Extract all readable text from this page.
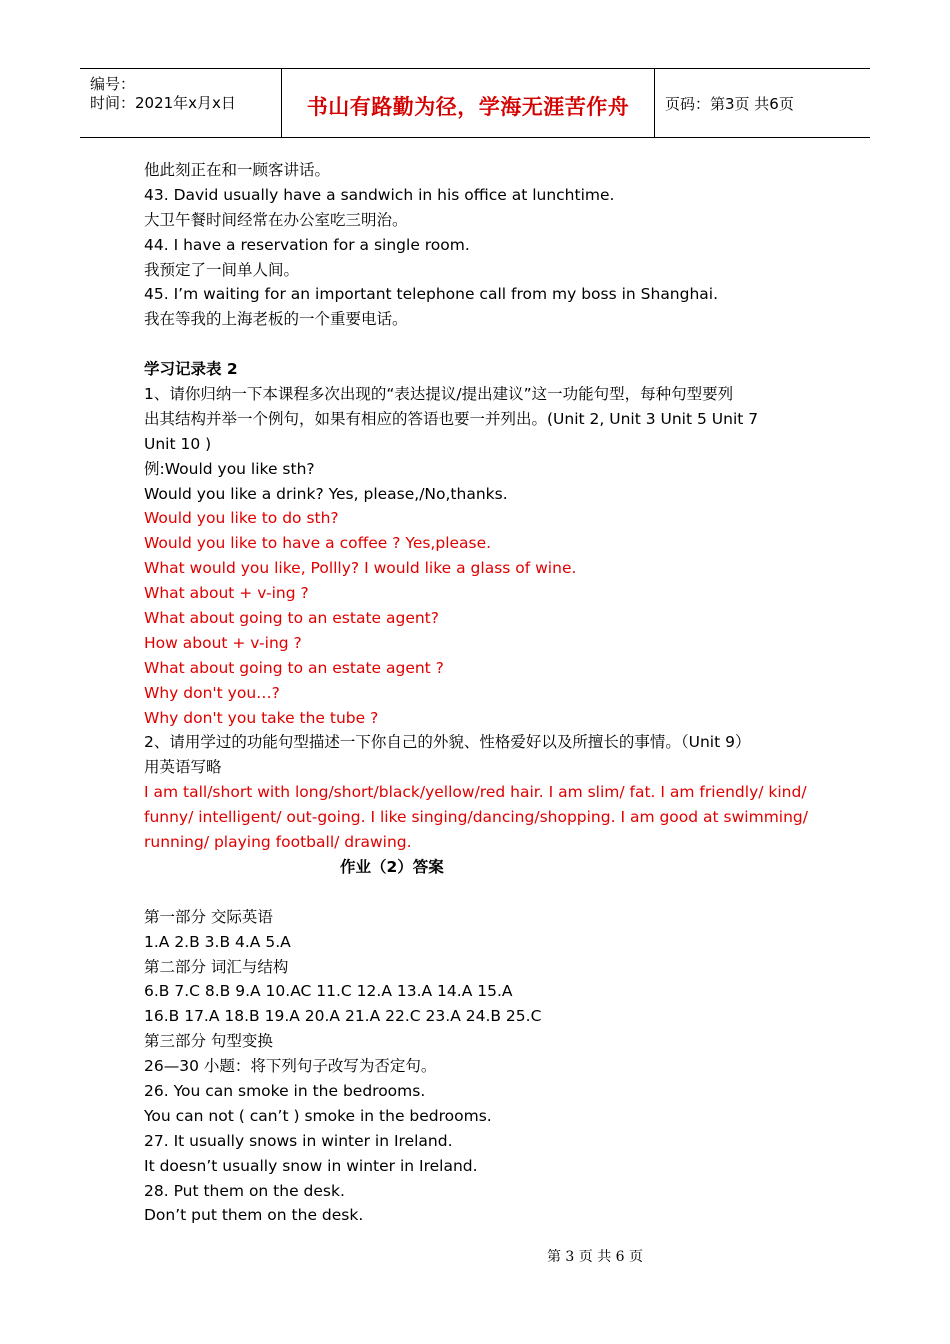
编号：
时间：2021年x月x日	书山有路勤为径，学海无涯苦作舟	页码：第3页 共6页
他此刻正在和一顾客讲话。
43. David usually have a sandwich in his office at lunchtime.
大卫午餐时间经常在办公室吃三明治。
44. I have a reservation for a single room.
我预定了一间单人间。
45. I’m waiting for an important telephone call from my boss in Shanghai.
我在等我的上海老板的一个重要电话。
学习记录表 2
1、请你归纳一下本课程多次出现的“表达提议/提出建议”这一功能句型，每种句型要列
出其结构并举一个例句，如果有相应的答语也要一并列出。(Unit 2, Unit 3 Unit 5 Unit 7
Unit 10 )
例:Would you like sth?
Would you like a drink? Yes, please,/No,thanks.
Would you like to do sth?
Would you like to have a coffee ? Yes,please.
What would you like, Pollly? I would like a glass of wine.
What about + v-ing ?
What about going to an estate agent?
How about + v-ing ?
What about going to an estate agent ?
Why don't you…?
Why don't you take the tube ?
2、请用学过的功能句型描述一下你自己的外貌、性格爱好以及所擅长的事情。（Unit 9）
用英语写略
I am tall/short with long/short/black/yellow/red hair. I am slim/ fat. I am friendly/ kind/
funny/ intelligent/ out-going. I like singing/dancing/shopping. I am good at swimming/
running/ playing football/ drawing.
作业（2）答案
第一部分 交际英语
1.A 2.B 3.B 4.A 5.A
第二部分 词汇与结构
6.B 7.C 8.B 9.A 10.AC 11.C 12.A 13.A 14.A 15.A
16.B 17.A 18.B 19.A 20.A 21.A 22.C 23.A 24.B 25.C
第三部分 句型变换
26—30 小题：将下列句子改写为否定句。
26. You can smoke in the bedrooms.
You can not ( can’t ) smoke in the bedrooms.
27. It usually snows in winter in Ireland.
It doesn’t usually snow in winter in Ireland.
28. Put them on the desk.
Don’t put them on the desk.
第 3 页 共 6 页
